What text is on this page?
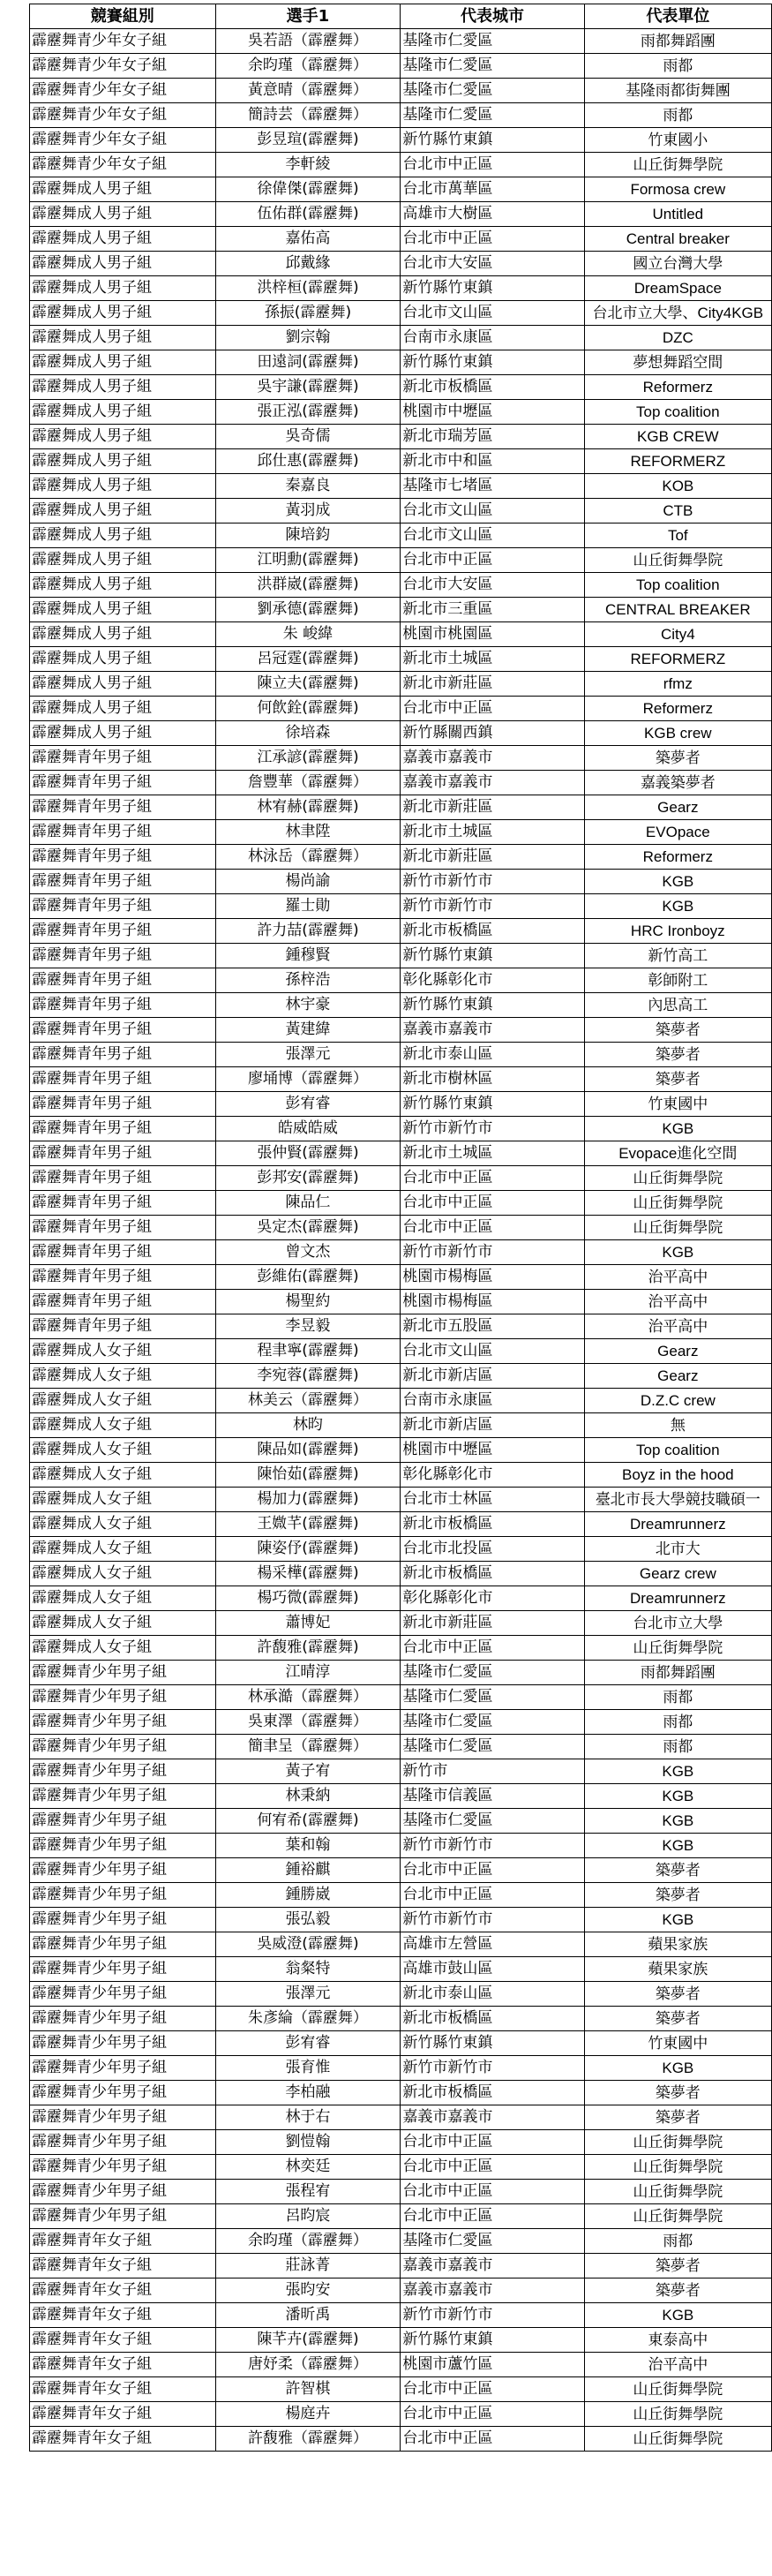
競賽組別	選手1	代表城市	代表單位
霹靂舞青少年女子組	吳若語（霹靂舞）	基隆市仁愛區	雨都舞蹈團
霹靂舞青少年女子組	余昀瑾（霹靂舞）	基隆市仁愛區	雨都
霹靂舞青少年女子組	黃意晴（霹靂舞）	基隆市仁愛區	基隆雨都街舞團
霹靂舞青少年女子組	簡詩芸（霹靂舞）	基隆市仁愛區	雨都
霹靂舞青少年女子組	彭昱瑄(霹靂舞)	新竹縣竹東鎮	竹東國小
霹靂舞青少年女子組	李軒綾	台北市中正區	山丘街舞學院
霹靂舞成人男子組	徐偉傑(霹靂舞)	台北市萬華區	Formosa crew
霹靂舞成人男子組	伍佑群(霹靂舞)	高雄市大樹區	Untitled
霹靂舞成人男子組	嘉佑高	台北市中正區	Central breaker
霹靂舞成人男子組	邱戴緣	台北市大安區	國立台灣大學
霹靂舞成人男子組	洪梓桓(霹靂舞)	新竹縣竹東鎮	DreamSpace
霹靂舞成人男子組	孫振(霹靂舞)	台北市文山區	台北市立大學、City4KGB
霹靂舞成人男子組	劉宗翰	台南市永康區	DZC
霹靂舞成人男子組	田遠詞(霹靂舞)	新竹縣竹東鎮	夢想舞蹈空間
霹靂舞成人男子組	吳宇謙(霹靂舞)	新北市板橋區	Reformerz
霹靂舞成人男子組	張正泓(霹靂舞)	桃園市中壢區	Top coalition
霹靂舞成人男子組	吳奇儒	新北市瑞芳區	KGB CREW
霹靂舞成人男子組	邱仕惠(霹靂舞)	新北市中和區	REFORMERZ
霹靂舞成人男子組	秦嘉良	基隆市七堵區	KOB
霹靂舞成人男子組	黃羽成	台北市文山區	CTB
霹靂舞成人男子組	陳培鈞	台北市文山區	Tof
霹靂舞成人男子組	江明勳(霹靂舞)	台北市中正區	山丘街舞學院
霹靂舞成人男子組	洪群崴(霹靂舞)	台北市大安區	Top coalition
霹靂舞成人男子組	劉承德(霹靂舞)	新北市三重區	CENTRAL BREAKER
霹靂舞成人男子組	朱 峻緯	桃園市桃園區	City4
霹靂舞成人男子組	呂冠霆(霹靂舞)	新北市土城區	REFORMERZ
霹靂舞成人男子組	陳立夫(霹靂舞)	新北市新莊區	rfmz
霹靂舞成人男子組	何飲銓(霹靂舞)	台北市中正區	Reformerz
霹靂舞成人男子組	徐培森	新竹縣關西鎮	KGB crew
霹靂舞青年男子組	江承諺(霹靂舞)	嘉義市嘉義市	築夢者
霹靂舞青年男子組	詹豐華（霹靂舞）	嘉義市嘉義市	嘉義築夢者
霹靂舞青年男子組	林宥赫(霹靂舞)	新北市新莊區	Gearz
霹靂舞青年男子組	林聿陞	新北市土城區	EVOpace
霹靂舞青年男子組	林泳岳（霹靂舞）	新北市新莊區	Reformerz
霹靂舞青年男子組	楊尚諭	新竹市新竹市	KGB
霹靂舞青年男子組	羅士勛	新竹市新竹市	KGB
霹靂舞青年男子組	許力喆(霹靂舞)	新北市板橋區	HRC Ironboyz
霹靂舞青年男子組	鍾穆賢	新竹縣竹東鎮	新竹高工
霹靂舞青年男子組	孫梓浩	彰化縣彰化市	彰師附工
霹靂舞青年男子組	林宇豪	新竹縣竹東鎮	內思高工
霹靂舞青年男子組	黃建緯	嘉義市嘉義市	築夢者
霹靂舞青年男子組	張澤元	新北市泰山區	築夢者
霹靂舞青年男子組	廖埇博（霹靂舞）	新北市樹林區	築夢者
霹靂舞青年男子組	彭宥睿	新竹縣竹東鎮	竹東國中
霹靂舞青年男子組	皓威皓威	新竹市新竹市	KGB
霹靂舞青年男子組	張仲賢(霹靂舞)	新北市土城區	Evopace進化空間
霹靂舞青年男子組	彭邦安(霹靂舞)	台北市中正區	山丘街舞學院
霹靂舞青年男子組	陳品仁	台北市中正區	山丘街舞學院
霹靂舞青年男子組	吳定杰(霹靂舞)	台北市中正區	山丘街舞學院
霹靂舞青年男子組	曾文杰	新竹市新竹市	KGB
霹靂舞青年男子組	彭維佑(霹靂舞)	桃園市楊梅區	治平高中
霹靂舞青年男子組	楊聖約	桃園市楊梅區	治平高中
霹靂舞青年男子組	李昱毅	新北市五股區	治平高中
霹靂舞成人女子組	程聿寧(霹靂舞)	台北市文山區	Gearz
霹靂舞成人女子組	李宛蓉(霹靂舞)	新北市新店區	Gearz
霹靂舞成人女子組	林美云（霹靂舞）	台南市永康區	D.Z.C crew
霹靂舞成人女子組	林昀	新北市新店區	無
霹靂舞成人女子組	陳品如(霹靂舞)	桃園市中壢區	Top coalition
霹靂舞成人女子組	陳怡茹(霹靂舞)	彰化縣彰化市	Boyz in the hood
霹靂舞成人女子組	楊加力(霹靂舞)	台北市士林區	臺北市長大學競技職碩一
霹靂舞成人女子組	王媺芊(霹靂舞)	新北市板橋區	Dreamrunnerz
霹靂舞成人女子組	陳姿伃(霹靂舞)	台北市北投區	北市大
霹靂舞成人女子組	楊采樺(霹靂舞)	新北市板橋區	Gearz crew
霹靂舞成人女子組	楊巧微(霹靂舞)	彰化縣彰化市	Dreamrunnerz
霹靂舞成人女子組	蕭博妃	新北市新莊區	台北市立大學
霹靂舞成人女子組	許馥雅(霹靂舞)	台北市中正區	山丘街舞學院
霹靂舞青少年男子組	江晴淳	基隆市仁愛區	雨都舞蹈團
霹靂舞青少年男子組	林承澔（霹靂舞）	基隆市仁愛區	雨都
霹靂舞青少年男子組	吳東澤（霹靂舞）	基隆市仁愛區	雨都
霹靂舞青少年男子組	簡聿呈（霹靂舞）	基隆市仁愛區	雨都
霹靂舞青少年男子組	黃子宥	新竹市	KGB
霹靂舞青少年男子組	林秉納	基隆市信義區	KGB
霹靂舞青少年男子組	何宥希(霹靂舞)	基隆市仁愛區	KGB
霹靂舞青少年男子組	葉和翰	新竹市新竹市	KGB
霹靂舞青少年男子組	鍾裕麒	台北市中正區	築夢者
霹靂舞青少年男子組	鍾勝崴	台北市中正區	築夢者
霹靂舞青少年男子組	張弘毅	新竹市新竹市	KGB
霹靂舞青少年男子組	吳威澄(霹靂舞)	高雄市左營區	蘋果家族
霹靂舞青少年男子組	翁粲特	高雄市鼓山區	蘋果家族
霹靂舞青少年男子組	張澤元	新北市泰山區	築夢者
霹靂舞青少年男子組	朱彥綸（霹靂舞）	新北市板橋區	築夢者
霹靂舞青少年男子組	彭宥睿	新竹縣竹東鎮	竹東國中
霹靂舞青少年男子組	張育惟	新竹市新竹市	KGB
霹靂舞青少年男子組	李柏融	新北市板橋區	築夢者
霹靂舞青少年男子組	林于右	嘉義市嘉義市	築夢者
霹靂舞青少年男子組	劉愷翰	台北市中正區	山丘街舞學院
霹靂舞青少年男子組	林奕廷	台北市中正區	山丘街舞學院
霹靂舞青少年男子組	張程宥	台北市中正區	山丘街舞學院
霹靂舞青少年男子組	呂昀宸	台北市中正區	山丘街舞學院
霹靂舞青年女子組	余昀瑾（霹靂舞）	基隆市仁愛區	雨都
霹靂舞青年女子組	莊詠菁	嘉義市嘉義市	築夢者
霹靂舞青年女子組	張昀安	嘉義市嘉義市	築夢者
霹靂舞青年女子組	潘昕禹	新竹市新竹市	KGB
霹靂舞青年女子組	陳芊卉(霹靂舞)	新竹縣竹東鎮	東泰高中
霹靂舞青年女子組	唐妤柔（霹靂舞）	桃園市蘆竹區	治平高中
霹靂舞青年女子組	許智棋	台北市中正區	山丘街舞學院
霹靂舞青年女子組	楊庭卉	台北市中正區	山丘街舞學院
霹靂舞青年女子組	許馥雅（霹靂舞）	台北市中正區	山丘街舞學院
